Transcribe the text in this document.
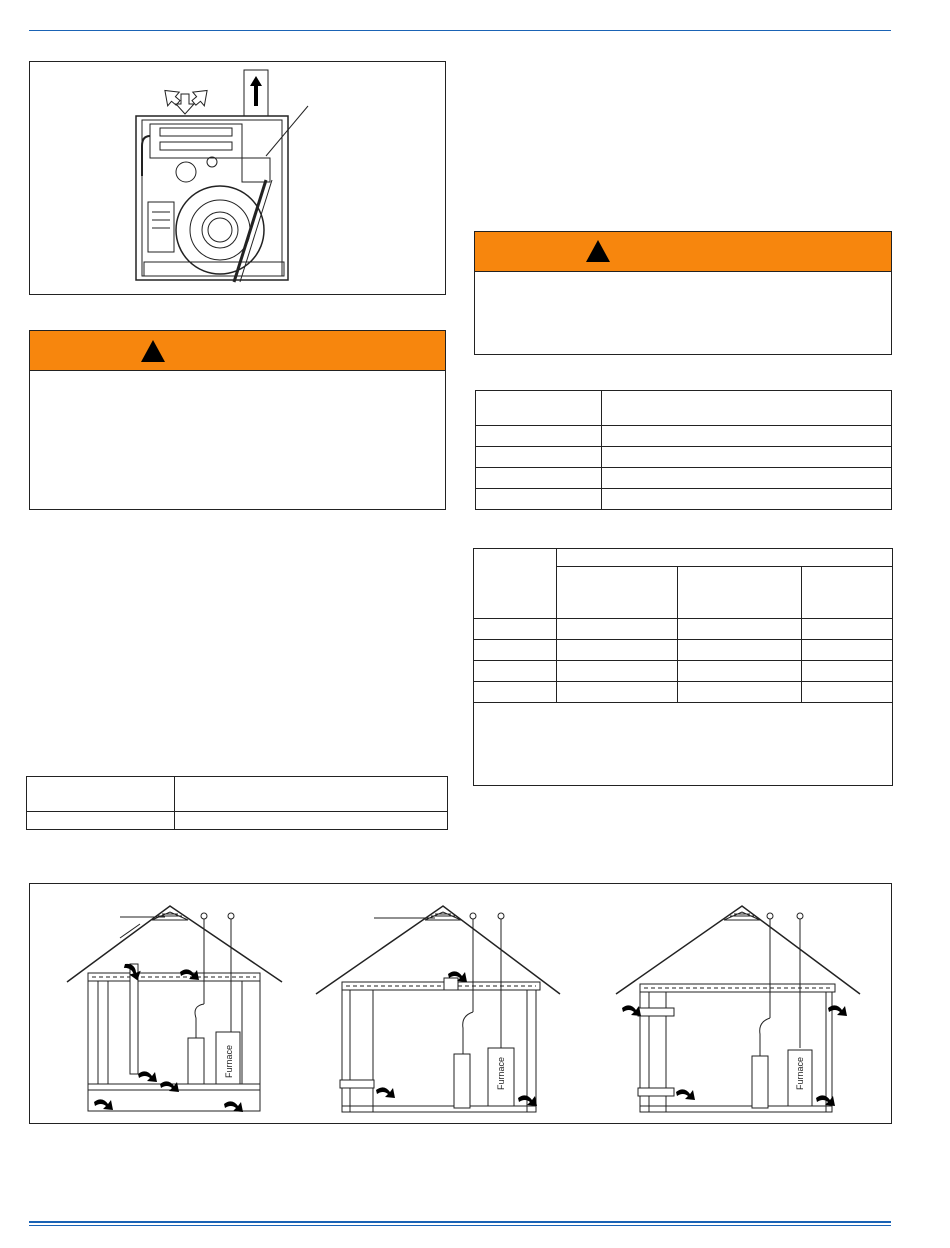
Furnace	Furnace	Furnace
